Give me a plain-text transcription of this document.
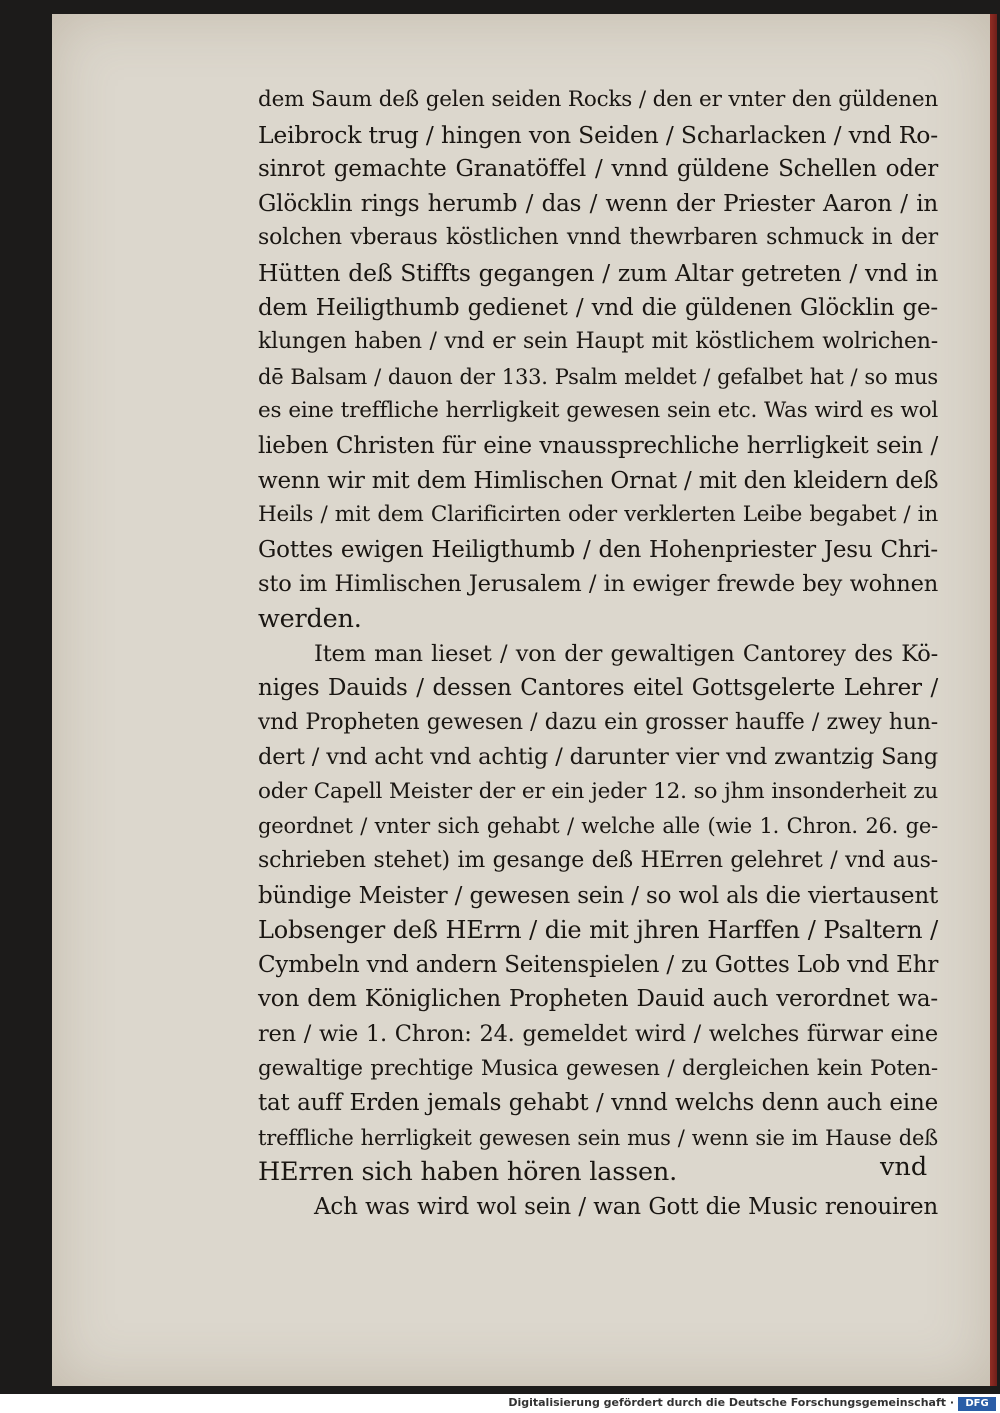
dem Saum deß gelen seiden Rocks / den er vnter den güldenen
Leibrock trug / hingen von Seiden / Scharlacken / vnd Ro-
sinrot gemachte Granatöffel / vnnd güldene Schellen oder
Glöcklin rings herumb / das / wenn der Priester Aaron / in
solchen vberaus köstlichen vnnd thewrbaren schmuck in der
Hütten deß Stiffts gegangen / zum Altar getreten / vnd in
dem Heiligthumb gedienet / vnd die güldenen Glöcklin ge-
klungen haben / vnd er sein Haupt mit köstlichem wolrichen-
dē Balsam / dauon der 133. Psalm meldet / gefalbet hat / so mus
es eine treffliche herrligkeit gewesen sein etc. Was wird es wol
lieben Christen für eine vnaussprechliche herrligkeit sein /
wenn wir mit dem Himlischen Ornat / mit den kleidern deß
Heils / mit dem Clarificirten oder verklerten Leibe begabet / in
Gottes ewigen Heiligthumb / den Hohenpriester Jesu Chri-
sto im Himlischen Jerusalem / in ewiger frewde bey wohnen
werden.
Item man lieset / von der gewaltigen Cantorey des Kö-
niges Dauids / dessen Cantores eitel Gottsgelerte Lehrer /
vnd Propheten gewesen / dazu ein grosser hauffe / zwey hun-
dert / vnd acht vnd achtig / darunter vier vnd zwantzig Sang
oder Capell Meister der er ein jeder 12. so jhm insonderheit zu
geordnet / vnter sich gehabt / welche alle (wie 1. Chron. 26. ge-
schrieben stehet) im gesange deß HErren gelehret / vnd aus-
bündige Meister / gewesen sein / so wol als die viertausent
Lobsenger deß HErrn / die mit jhren Harffen / Psaltern /
Cymbeln vnd andern Seitenspielen / zu Gottes Lob vnd Ehr
von dem Königlichen Propheten Dauid auch verordnet wa-
ren / wie 1. Chron: 24. gemeldet wird / welches fürwar eine
gewaltige prechtige Musica gewesen / dergleichen kein Poten-
tat auff Erden jemals gehabt / vnnd welchs denn auch eine
treffliche herrligkeit gewesen sein mus / wenn sie im Hause deß
HErren sich haben hören lassen.
Ach was wird wol sein / wan Gott die Music renouiren
vnd
Digitalisierung gefördert durch die Deutsche Forschungsgemeinschaft ·	DFG
